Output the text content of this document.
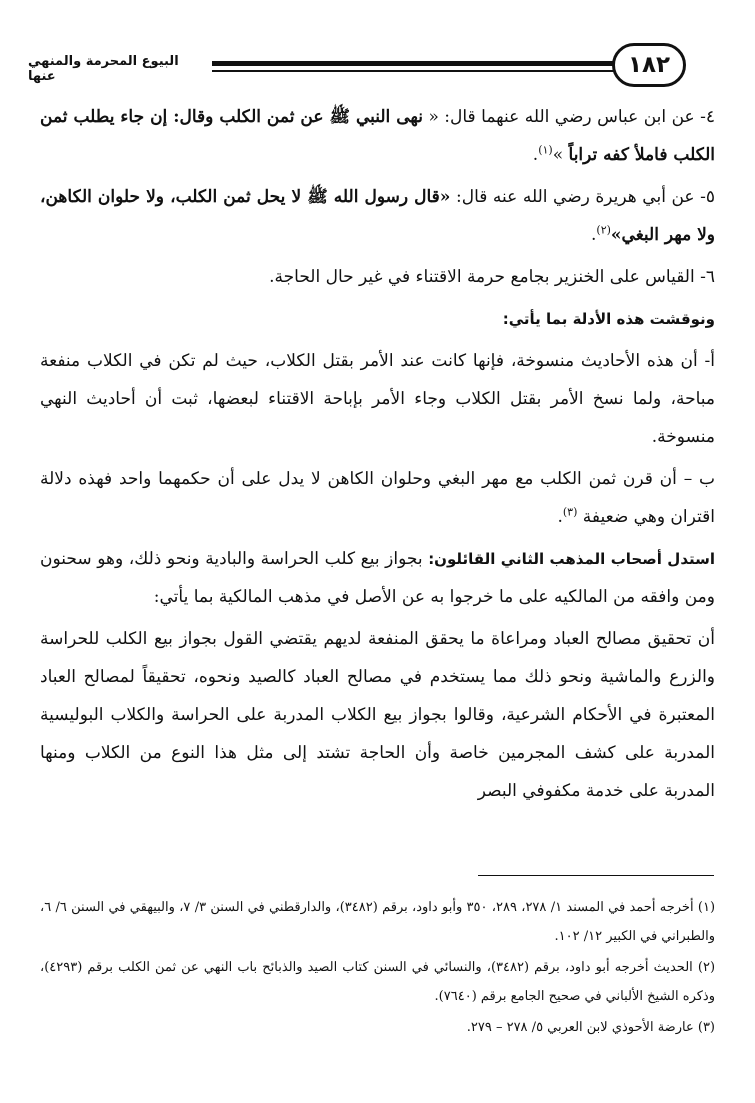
١٨٢
البيوع المحرمة والمنهي عنها

٤- عن ابن عباس رضي الله عنهما قال: « نهى النبي ﷺ عن ثمن الكلب وقال: إن جاء يطلب ثمن الكلب فاملأ كفه تراباً »$^{(١)}$.

٥- عن أبي هريرة رضي الله عنه قال: «قال رسول الله ﷺ لا يحل ثمن الكلب، ولا حلوان الكاهن، ولا مهر البغي»$^{(٢)}$.

٦- القياس على الخنزير بجامع حرمة الاقتناء في غير حال الحاجة.

ونوقشت هذه الأدلة بما يأتي:

أ- أن هذه الأحاديث منسوخة، فإنها كانت عند الأمر بقتل الكلاب، حيث لم تكن في الكلاب منفعة مباحة، ولما نسخ الأمر بقتل الكلاب وجاء الأمر بإباحة الاقتناء لبعضها، ثبت أن أحاديث النهي منسوخة.

ب – أن قرن ثمن الكلب مع مهر البغي وحلوان الكاهن لا يدل على أن حكمهما واحد فهذه دلالة اقتران وهي ضعيفة $^{(٣)}$.

استدل أصحاب المذهب الثاني القائلون: بجواز بيع كلب الحراسة والبادية ونحو ذلك، وهو سحنون ومن وافقه من المالكيه على ما خرجوا به عن الأصل في مذهب المالكية بما يأتي:

أن تحقيق مصالح العباد ومراعاة ما يحقق المنفعة لديهم يقتضي القول بجواز بيع الكلب للحراسة والزرع والماشية ونحو ذلك مما يستخدم في مصالح العباد كالصيد ونحوه، تحقيقاً لمصالح العباد المعتبرة في الأحكام الشرعية، وقالوا بجواز بيع الكلاب المدربة على الحراسة والكلاب البوليسية المدربة على كشف المجرمين خاصة وأن الحاجة تشتد إلى مثل هذا النوع من الكلاب ومنها المدربة على خدمة مكفوفي البصر

(١) أخرجه أحمد في المسند ١/ ٢٧٨، ٢٨٩، ٣٥٠ وأبو داود، برقم (٣٤٨٢)، والدارقطني في السنن ٣/ ٧، والبيهقي في السنن ٦/ ٦، والطبراني في الكبير ١٢/ ١٠٢.

(٢) الحديث أخرجه أبو داود، برقم (٣٤٨٢)، والنسائي في السنن كتاب الصيد والذبائح باب النهي عن ثمن الكلب برقم (٤٢٩٣)، وذكره الشيخ الألباني في صحيح الجامع برقم (٧٦٤٠).

(٣) عارضة الأحوذي لابن العربي ٥/ ٢٧٨ – ٢٧٩.
